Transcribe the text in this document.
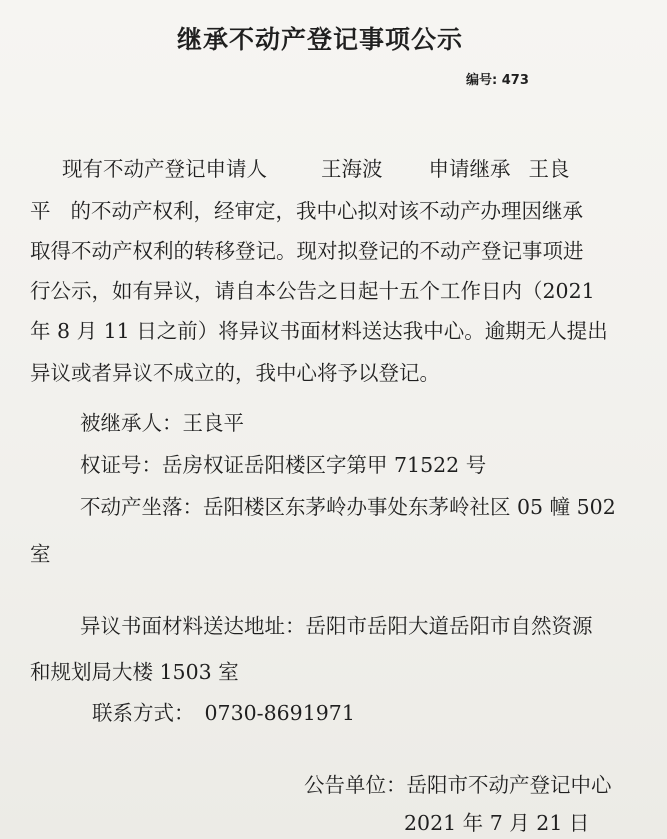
继承不动产登记事项公示
编号: 473
现有不动产登记申请人	王海波 申请继承 王良
平 的不动产权利，经审定，我中心拟对该不动产办理因继承
取得不动产权利的转移登记。现对拟登记的不动产登记事项进
行公示，如有异议，请自本公告之日起十五个工作日内（2021
年 8 月 11 日之前）将异议书面材料送达我中心。逾期无人提出
异议或者异议不成立的，我中心将予以登记。
被继承人：王良平
权证号：岳房权证岳阳楼区字第甲 71522 号
不动产坐落：岳阳楼区东茅岭办事处东茅岭社区 05 幢 502
室
异议书面材料送达地址：岳阳市岳阳大道岳阳市自然资源
和规划局大楼 1503 室
联系方式： 0730-8691971
公告单位：岳阳市不动产登记中心
2021 年 7 月 21 日
